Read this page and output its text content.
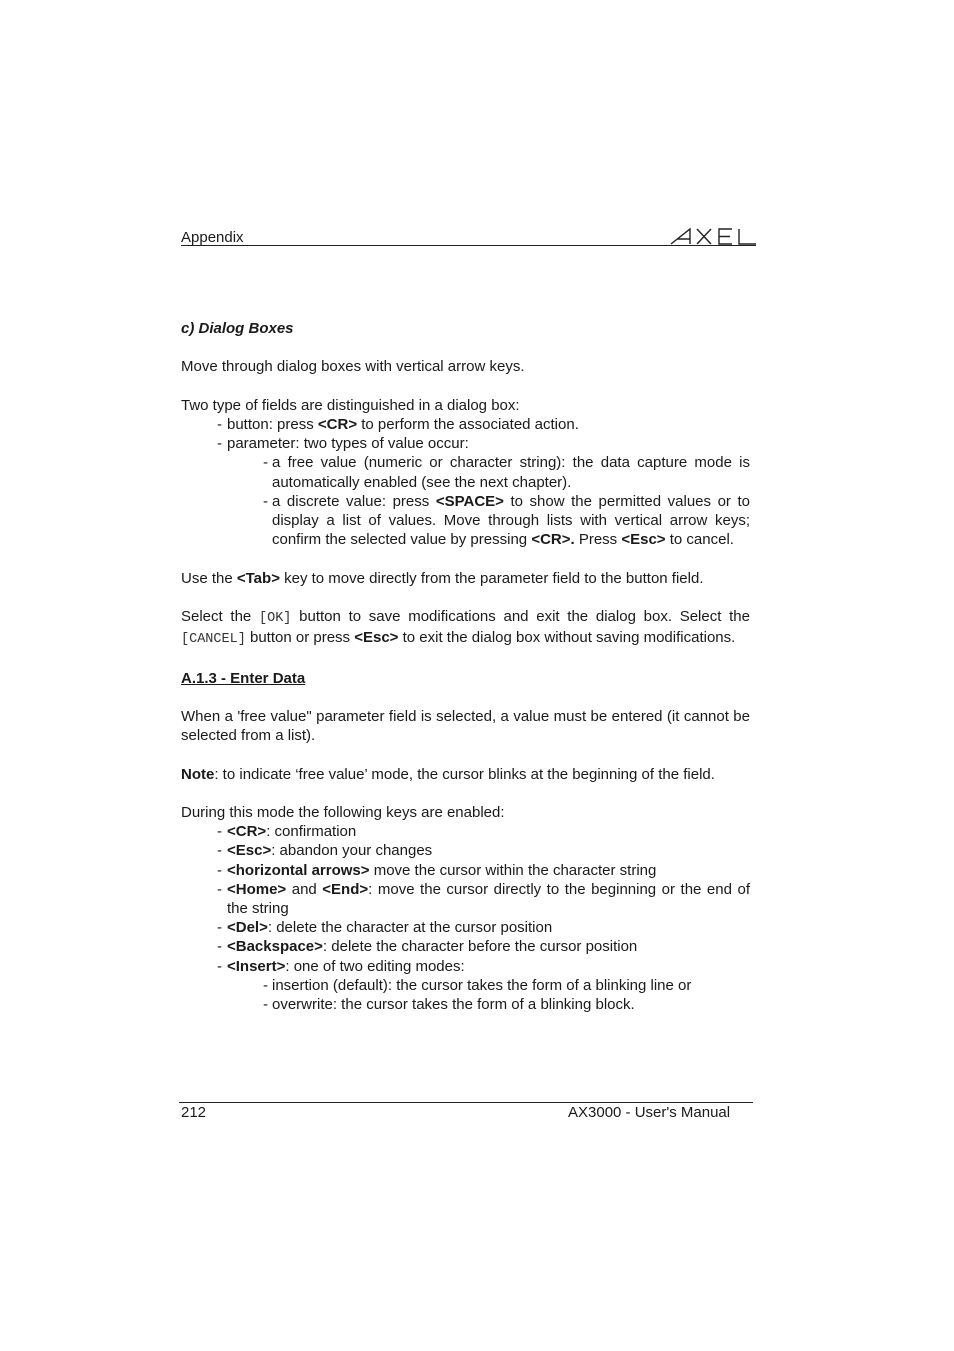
Appendix

c) Dialog Boxes

Move through dialog boxes with vertical arrow keys.

Two type of fields are distinguished in a dialog box:

- button: press <CR> to perform the associated action.
- parameter: two types of value occur:
- a free value (numeric or character string): the data capture mode is automatically enabled (see the next chapter).
- a discrete value: press <SPACE> to show the permitted values or to display a list of values. Move through lists with vertical arrow keys; confirm the selected value by pressing <CR>. Press <Esc> to cancel.

Use the <Tab> key to move directly from the parameter field to the button field.

Select the [OK] button to save modifications and exit the dialog box. Select the [CANCEL] button or press <Esc> to exit the dialog box without saving modifications.

A.1.3 - Enter Data

When a 'free value" parameter field is selected, a value must be entered (it cannot be selected from a list).

Note: to indicate ‘free value’ mode, the cursor blinks at the beginning of the field.

During this mode the following keys are enabled:

- <CR>: confirmation
- <Esc>: abandon your changes
- <horizontal arrows> move the cursor within the character string
- <Home> and <End>: move the cursor directly to the beginning or the end of the string
- <Del>: delete the character at the cursor position
- <Backspace>: delete the character before the cursor position
- <Insert>: one of two editing modes:
- insertion (default): the cursor takes the form of a blinking line or
- overwrite: the cursor takes the form of a blinking block.
212	AX3000 - User's Manual
